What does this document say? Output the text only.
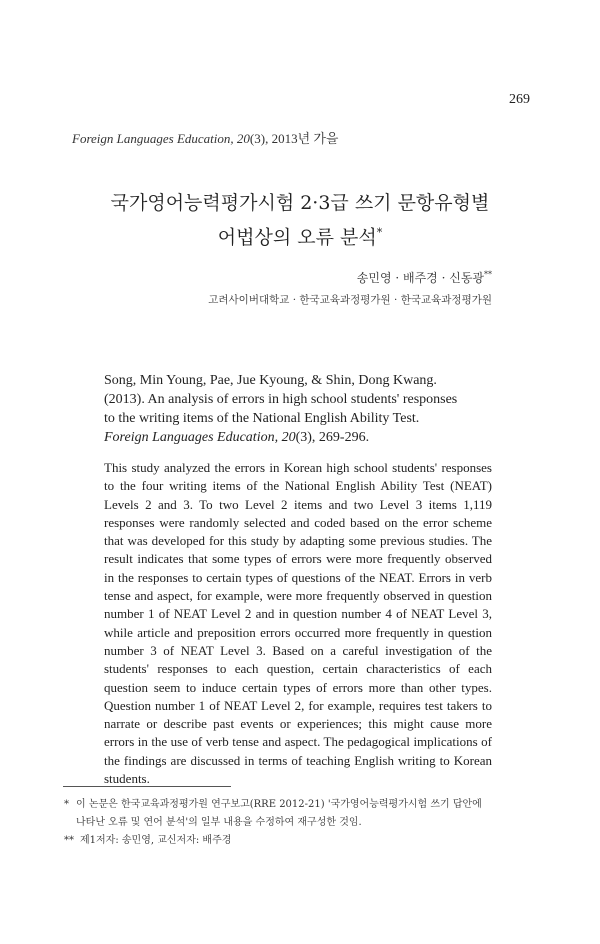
269
Foreign Languages Education, 20(3), 2013년 가을
국가영어능력평가시험 2·3급 쓰기 문항유형별
어법상의 오류 분석*
송민영 · 배주경 · 신동광**
고려사이버대학교 · 한국교육과정평가원 · 한국교육과정평가원
Song, Min Young, Pae, Jue Kyoung, & Shin, Dong Kwang.
(2013). An analysis of errors in high school students' responses
to the writing items of the National English Ability Test.
Foreign Languages Education, 20(3), 269-296.
This study analyzed the errors in Korean high school students' responses to the four writing items of the National English Ability Test (NEAT) Levels 2 and 3. To two Level 2 items and two Level 3 items 1,119 responses were randomly selected and coded based on the error scheme that was developed for this study by adapting some previous studies. The result indicates that some types of errors were more frequently observed in the responses to certain types of questions of the NEAT. Errors in verb tense and aspect, for example, were more frequently observed in question number 1 of NEAT Level 2 and in question number 4 of NEAT Level 3, while article and preposition errors occurred more frequently in question number 3 of NEAT Level 3. Based on a careful investigation of the students' responses to each question, certain characteristics of each question seem to induce certain types of errors more than other types. Question number 1 of NEAT Level 2, for example, requires test takers to narrate or describe past events or experiences; this might cause more errors in the use of verb tense and aspect. The pedagogical implications of the findings are discussed in terms of teaching English writing to Korean students.
* 이 논문은 한국교육과정평가원 연구보고(RRE 2012-21) '국가영어능력평가시험 쓰기 답안에
나타난 오류 및 연어 분석'의 일부 내용을 수정하여 재구성한 것임.
** 제1저자: 송민영, 교신저자: 배주경
